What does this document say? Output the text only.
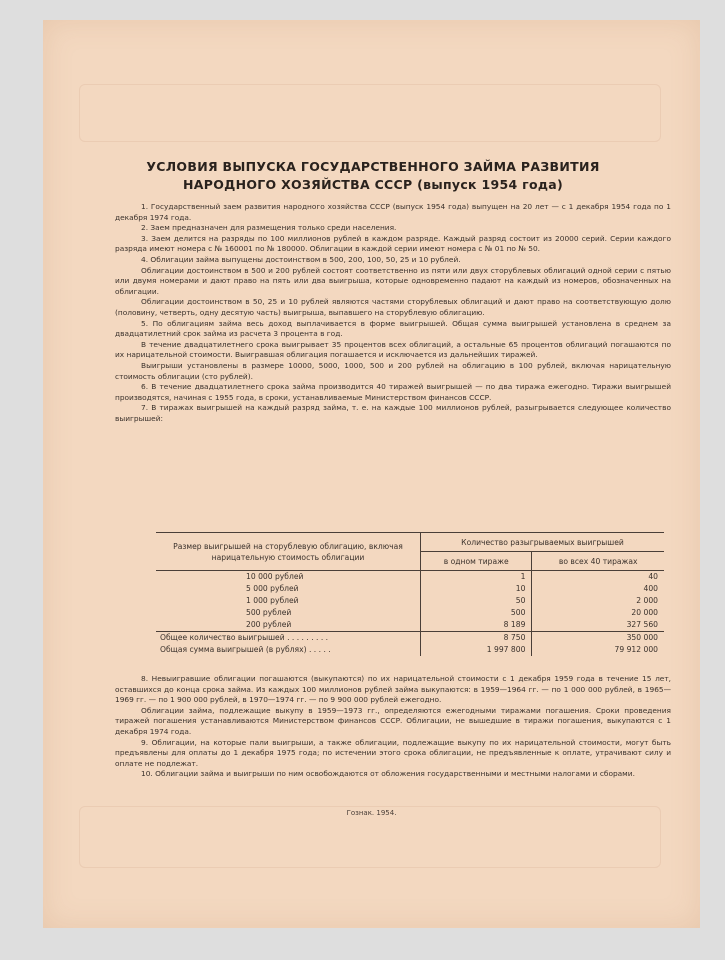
УСЛОВИЯ ВЫПУСКА ГОСУДАРСТВЕННОГО ЗАЙМА РАЗВИТИЯ
НАРОДНОГО ХОЗЯЙСТВА СССР (выпуск 1954 года)

1. Государственный заем развития народного хозяйства СССР (выпуск 1954 года) выпущен на 20 лет — с 1 декабря 1954 года по 1 декабря 1974 года.

2. Заем предназначен для размещения только среди населения.

3. Заем делится на разряды по 100 миллионов рублей в каждом разряде. Каждый разряд состоит из 20000 серий. Серии каждого разряда имеют номера с № 160001 по № 180000. Облигации в каждой серии имеют номера с № 01 по № 50.

4. Облигации займа выпущены достоинством в 500, 200, 100, 50, 25 и 10 рублей.

Облигации достоинством в 500 и 200 рублей состоят соответственно из пяти или двух сторублевых облигаций одной серии с пятью или двумя номерами и дают право на пять или два выигрыша, которые одновременно падают на каждый из номеров, обозначенных на облигации.

Облигации достоинством в 50, 25 и 10 рублей являются частями сторублевых облигаций и дают право на соответствующую долю (половину, четверть, одну десятую часть) выигрыша, выпавшего на сторублевую облигацию.

5. По облигациям займа весь доход выплачивается в форме выигрышей. Общая сумма выигрышей установлена в среднем за двадцатилетний срок займа из расчета 3 процента в год.

В течение двадцатилетнего срока выигрывает 35 процентов всех облигаций, а остальные 65 процентов облигаций погашаются по их нарицательной стоимости. Выигравшая облигация погашается и исключается из дальнейших тиражей.

Выигрыши установлены в размере 10000, 5000, 1000, 500 и 200 рублей на облигацию в 100 рублей, включая нарицательную стоимость облигации (сто рублей).

6. В течение двадцатилетнего срока займа производится 40 тиражей выигрышей — по два тиража ежегодно. Тиражи выигрышей производятся, начиная с 1955 года, в сроки, устанавливаемые Министерством финансов СССР.

7. В тиражах выигрышей на каждый разряд займа, т. е. на каждые 100 миллионов рублей, разыгрывается следующее количество выигрышей:

Размер выигрышей на сторублевую облигацию, включая нарицательную стоимость облигации	Количество разыгрываемых выигрышей	
	в одном тираже	во всех 40 тиражах
10 000 рублей	1	40
5 000 рублей	10	400
1 000 рублей	50	2 000
500 рублей	500	20 000
200 рублей	8 189	327 560
Общее количество выигрышей . . . . . . . . .	8 750	350 000
Общая сумма выигрышей (в рублях) . . . . .	1 997 800	79 912 000

8. Невыигравшие облигации погашаются (выкупаются) по их нарицательной стоимости с 1 декабря 1959 года в течение 15 лет, оставшихся до конца срока займа. Из каждых 100 миллионов рублей займа выкупаются: в 1959—1964 гг. — по 1 000 000 рублей, в 1965—1969 гг. — по 1 900 000 рублей, в 1970—1974 гг. — по 9 900 000 рублей ежегодно.

Облигации займа, подлежащие выкупу в 1959—1973 гг., определяются ежегодными тиражами погашения. Сроки проведения тиражей погашения устанавливаются Министерством финансов СССР. Облигации, не вышедшие в тиражи погашения, выкупаются с 1 декабря 1974 года.

9. Облигации, на которые пали выигрыши, а также облигации, подлежащие выкупу по их нарицательной стоимости, могут быть предъявлены для оплаты до 1 декабря 1975 года; по истечении этого срока облигации, не предъявленные к оплате, утрачивают силу и оплате не подлежат.

10. Облигации займа и выигрыши по ним освобождаются от обложения государственными и местными налогами и сборами.

Гознак. 1954.
